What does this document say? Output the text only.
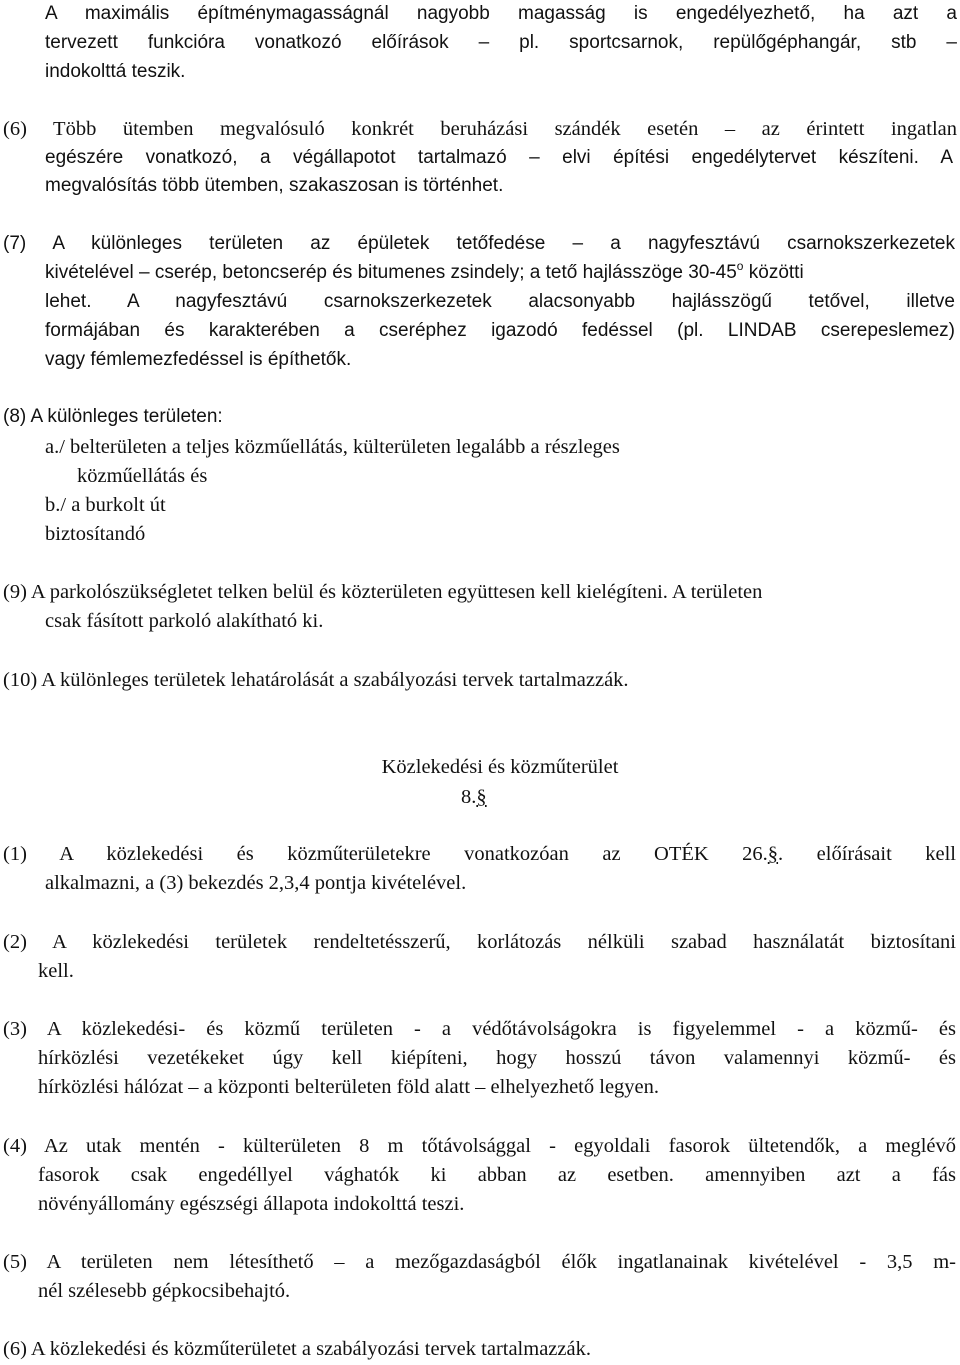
A maximális építménymagasságnál nagyobb magasság is engedélyezhető, ha azt a
tervezett funkcióra vonatkozó előírások – pl. sportcsarnok, repülőgéphangár, stb –
indokolttá teszik.
(6) Több ütemben megvalósuló konkrét beruházási szándék esetén – az érintett ingatlan
egészére vonatkozó, a végállapotot tartalmazó – elvi építési engedélytervet készíteni. A
megvalósítás több ütemben, szakaszosan is történhet.
(7) A különleges területen az épületek tetőfedése – a nagyfesztávú csarnokszerkezetek
kivételével – cserép, betoncserép és bitumenes zsindely; a tető hajlásszöge 30-45$^o$ közötti
lehet. A nagyfesztávú csarnokszerkezetek alacsonyabb hajlásszögű tetővel, illetve
formájában és karakterében a cseréphez igazodó fedéssel (pl. LINDAB cserepeslemez)
vagy fémlemezfedéssel is építhetők.
(8) A különleges területen:
a./ belterületen a teljes közműellátás, külterületen legalább a részleges
közműellátás és
b./ a burkolt út
biztosítandó
(9) A parkolószükségletet telken belül és közterületen együttesen kell kielégíteni. A területen
csak fásított parkoló alakítható ki.
(10) A különleges területek lehatárolását a szabályozási tervek tartalmazzák.
Közlekedési és közműterület
8.§
(1) A közlekedési és közműterületekre vonatkozóan az OTÉK 26.§. előírásait kell
alkalmazni, a (3) bekezdés 2,3,4 pontja kivételével.
(2) A közlekedési területek rendeltetésszerű, korlátozás nélküli szabad használatát biztosítani
kell.
(3) A közlekedési- és közmű területen - a védőtávolságokra is figyelemmel - a közmű- és
hírközlési vezetékeket úgy kell kiépíteni, hogy hosszú távon valamennyi közmű- és
hírközlési hálózat – a központi belterületen föld alatt – elhelyezhető legyen.
(4) Az utak mentén - külterületen 8 m tőtávolsággal - egyoldali fasorok ültetendők, a meglévő
fasorok csak engedéllyel vághatók ki abban az esetben. amennyiben azt a fás
növényállomány egészségi állapota indokolttá teszi.
(5) A területen nem létesíthető – a mezőgazdaságból élők ingatlanainak kivételével - 3,5 m-
nél szélesebb gépkocsibehajtó.
(6) A közlekedési és közműterületet a szabályozási tervek tartalmazzák.
